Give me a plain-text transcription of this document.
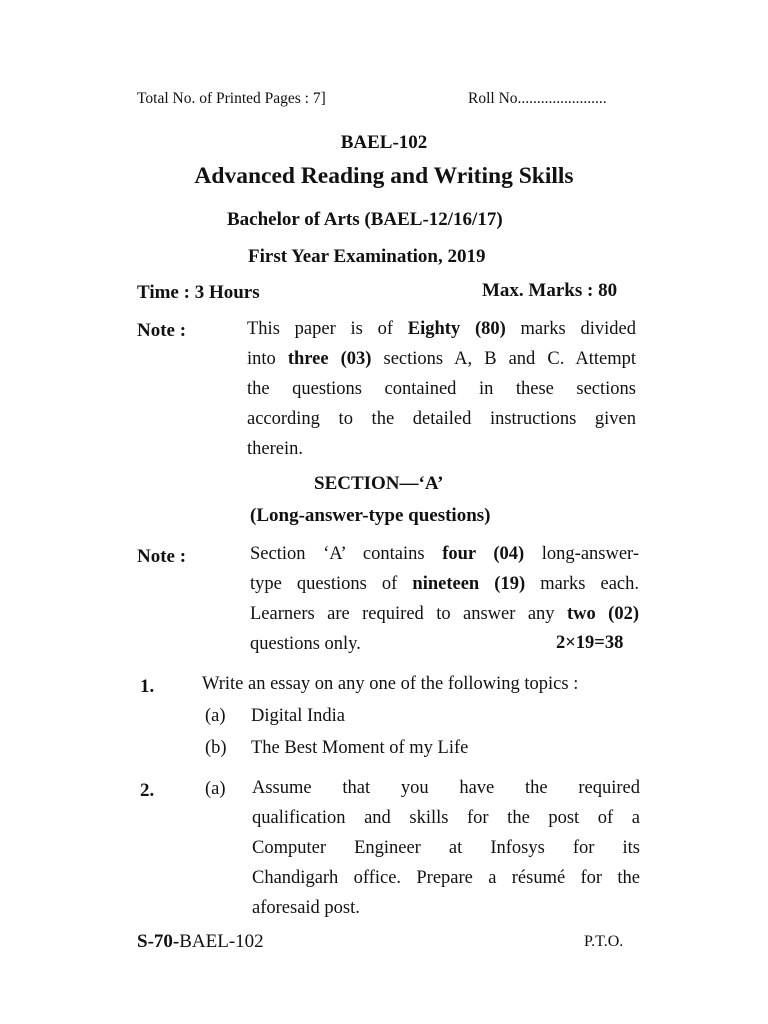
Total No. of Printed Pages : 7]	Roll No.......................
BAEL-102
Advanced Reading and Writing Skills
Bachelor of Arts (BAEL-12/16/17)
First Year Examination, 2019
Time : 3 Hours	Max. Marks : 80
Note :	This paper is of Eighty (80) marks divided
into three (03) sections A, B and C. Attempt
the questions contained in these sections
according to the detailed instructions given
therein.
SECTION—‘A’
(Long-answer-type questions)
Note :	Section ‘A’ contains four (04) long-answer-
type questions of nineteen (19) marks each.
Learners are required to answer any two (02)
questions only.	2×19=38
1.	Write an essay on any one of the following topics :
(a) Digital India
(b) The Best Moment of my Life
2.	(a) Assume that you have the required
qualification and skills for the post of a
Computer Engineer at Infosys for its
Chandigarh office. Prepare a résumé for the
aforesaid post.
S-70-BAEL-102	P.T.O.
